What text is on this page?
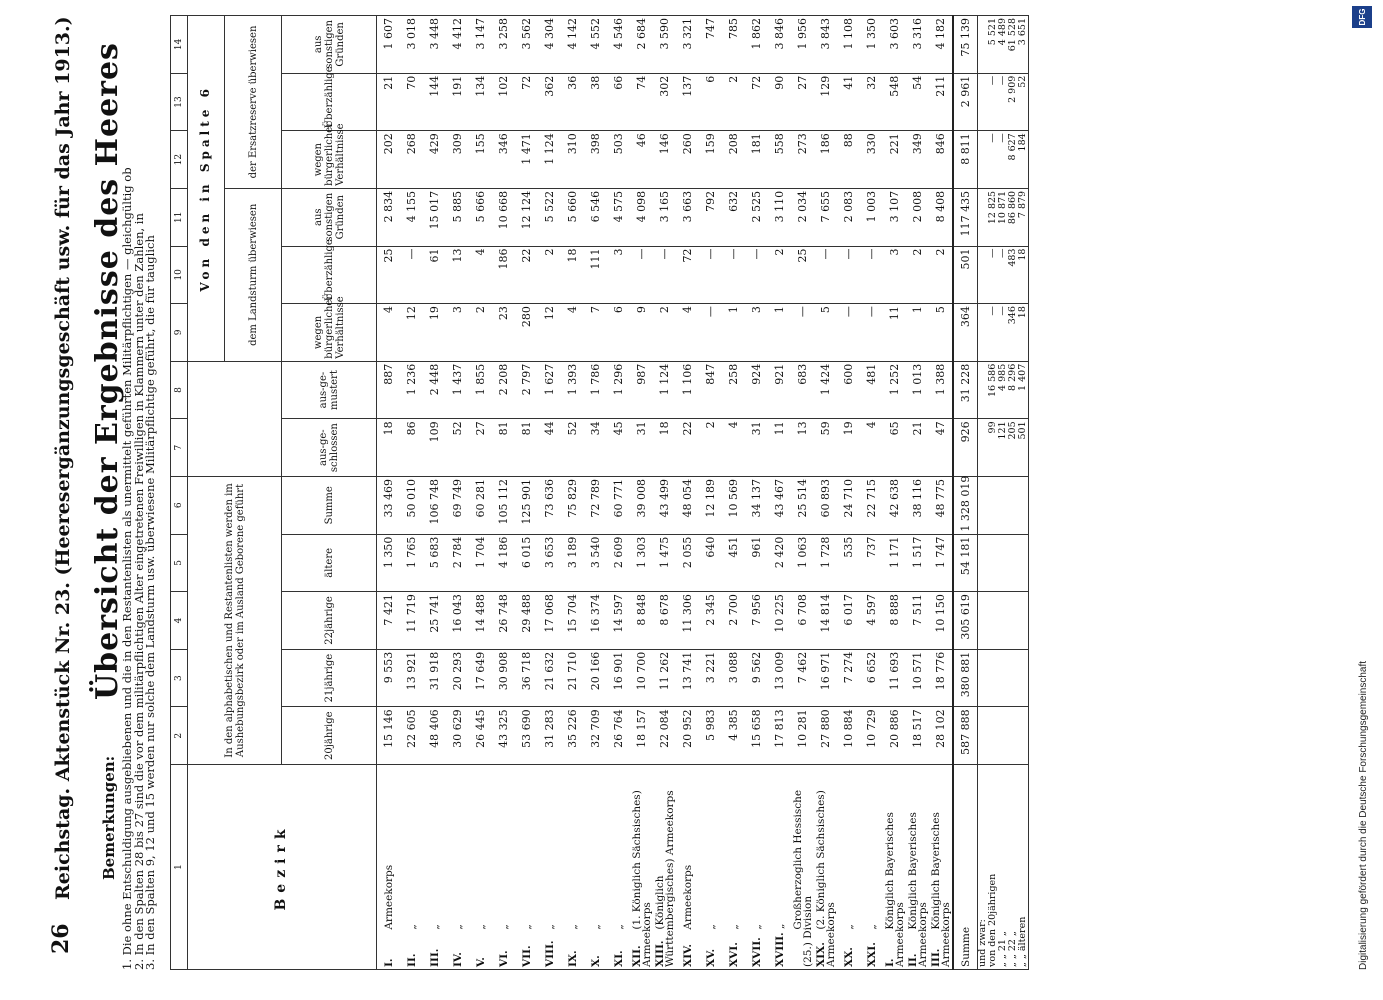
26
Reichstag. Aktenstück Nr. 23. (Heeresergänzungsgeschäft usw. für das Jahr 1913.) Übersicht der Ergebnisse des Heeres
Bemerkungen: 1. Die ohne Entschuldigung ausgebliebenen und die in den Restantenlisten als unermittelt geführten Militärpflichtigen — gleichgültig ob
2. In den Spalten 28 bis 27 sind die vor dem militärpflichtigen Alter eingetretenen Freiwilligen in Klammern unter den Zahlen, in
3. In den Spalten 9, 12 und 15 werden nur solche dem Landsturm usw. überwiesene Militärpflichtige geführt, die für tauglich 1	2	3	4	5	6	7	8	9	10	11	12	13	14
Bezirk	In den alphabetischen und Restantenlisten werden im Aushebungsbezirk oder im Ausland Geborene geführt							Von den in Spalte 6					
								dem Landsturm überwiesen			der Ersatzreserve überwiesen		
	20jährige	21jährige	22jährige	ältere	Summe	aus-ge-schlossen	aus-ge-mustert	wegen bürgerlicher Verhältnisse	Überzählige	aus sonstigen Gründen	wegen bürgerlicher Verhältnisse	Überzählige	aus sonstigen Gründen
I. Armeekorps	15 146	9 553	7 421	1 350	33 469	18	887	4	25	2 834	202	21	1 607
II. „	22 605	13 921	11 719	1 765	50 010	86	1 236	12	—	4 155	268	70	3 018
III. „	48 406	31 918	25 741	5 683	106 748	109	2 448	19	61	15 017	429	144	3 448
IV. „	30 629	20 293	16 043	2 784	69 749	52	1 437	3	13	5 885	309	191	4 412
V. „	26 445	17 649	14 488	1 704	60 281	27	1 855	2	4	5 666	155	134	3 147
VI. „	43 325	30 908	26 748	4 186	105 112	81	2 208	23	186	10 668	346	102	3 258
VII. „	53 690	36 718	29 488	6 015	125 901	81	2 797	280	22	12 124	1 471	72	3 562
VIII. „	31 283	21 632	17 068	3 653	73 636	44	1 627	12	2	5 522	1 124	362	4 304
IX. „	35 226	21 710	15 704	3 189	75 829	52	1 393	4	18	5 660	310	36	4 142
X. „	32 709	20 166	16 374	3 540	72 789	34	1 786	7	111	6 546	398	38	4 552
XI. „	26 764	16 901	14 597	2 609	60 771	45	1 296	6	3	4 575	503	66	4 546
XII. (1. Königlich Sächsisches) Armeekorps	18 157	10 700	8 848	1 303	39 008	31	987	9	—	4 098	46	74	2 684
XIII. (Königlich Württembergisches) Armeekorps	22 084	11 262	8 678	1 475	43 499	18	1 124	2	—	3 165	146	302	3 590
XIV. Armeekorps	20 952	13 741	11 306	2 055	48 054	22	1 106	4	72	3 663	260	137	3 321
XV. „	5 983	3 221	2 345	640	12 189	2	847	—	—	792	159	6	747
XVI. „	4 385	3 088	2 700	451	10 569	4	258	1	—	632	208	2	785
XVII. „	15 658	9 562	7 956	961	34 137	31	924	3	—	2 525	181	72	1 862
XVIII. „	17 813	13 009	10 225	2 420	43 467	11	921	1	2	3 110	558	90	3 846
Großherzoglich Hessische (25.) Division	10 281	7 462	6 708	1 063	25 514	13	683	—	25	2 034	273	27	1 956
XIX. (2. Königlich Sächsisches) Armeekorps	27 880	16 971	14 814	1 728	60 893	59	1 424	5	—	7 655	186	129	3 843
XX. „	10 884	7 274	6 017	535	24 710	19	600	—	—	2 083	88	41	1 108
XXI. „	10 729	6 652	4 597	737	22 715	4	481	—	—	1 003	330	32	1 350
I. Königlich Bayerisches Armeekorps	20 886	11 693	8 888	1 171	42 638	65	1 252	11	3	3 107	221	548	3 603
II. Königlich Bayerisches Armeekorps	18 517	10 571	7 511	1 517	38 116	21	1 013	1	2	2 008	349	54	3 316
III. Königlich Bayerisches Armeekorps	28 102	18 776	10 150	1 747	48 775	47	1 388	5	2	8 408	846	211	4 182
Summe	587 888	380 881	305 619	54 181	1 328 019	926	31 228	364	501	117 435	8 811	2 961	75 139
und zwar:													
von den 20jährigen						99	16 586	—	—	12 825	—	—	5 521
„ „ 21 „						121	4 985	—	—	10 871	—	—	4 489
„ „ 22 „						205	8 296	346	483	86 860	8 627	2 909	61 528
„ „ älteren						501	1 407	18	18	7 879	184	52	3 651
Digitalisierung gefördert durch die Deutsche Forschungsgemeinschaft
DFG
